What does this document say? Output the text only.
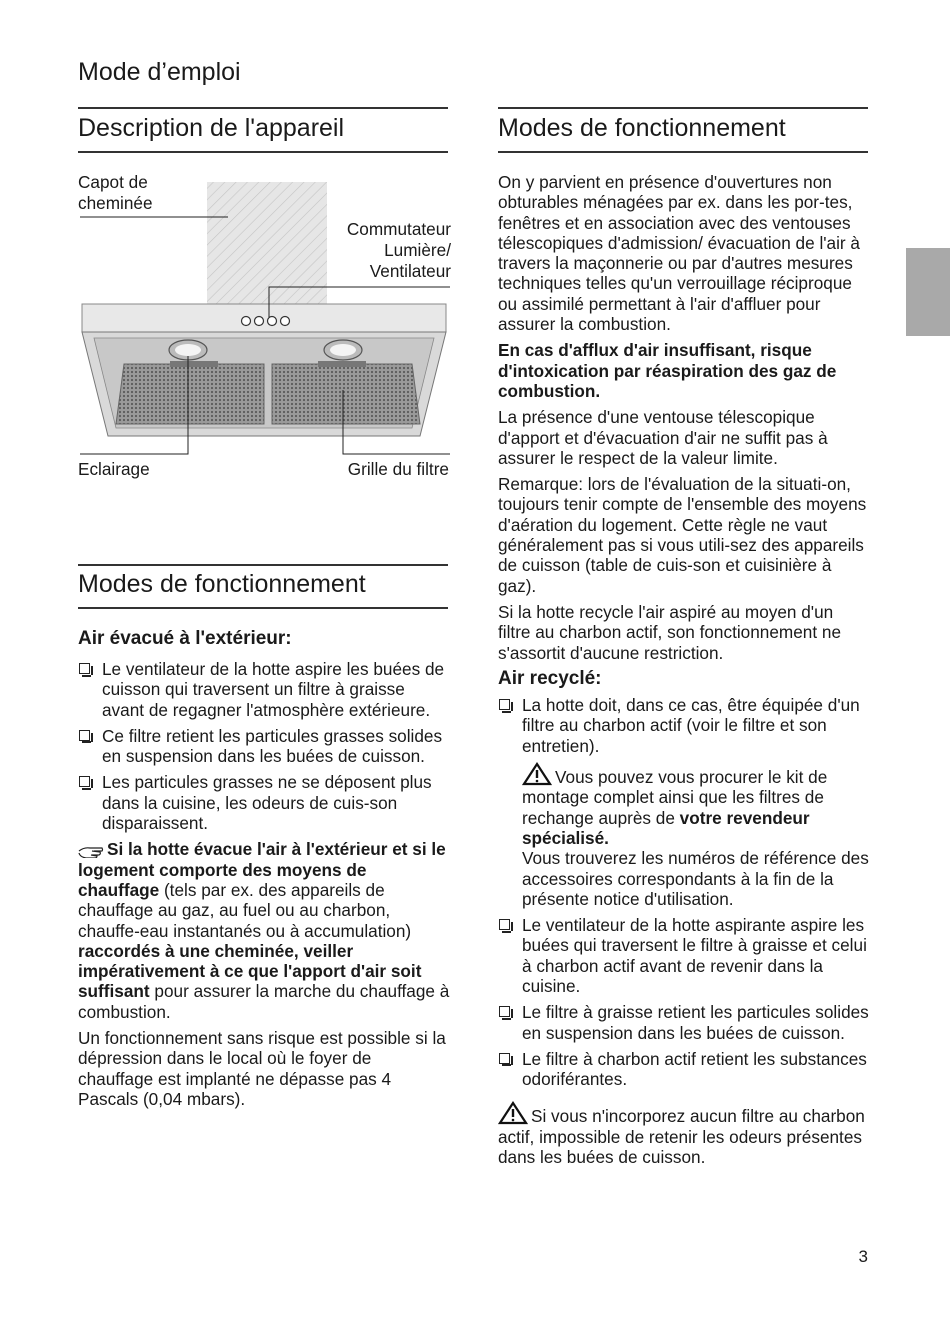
Mode d’emploi
Description de l'appareil
Capot de
cheminée
Commutateur
Lumière/
Ventilateur
Eclairage	Grille du filtre
Modes de fonctionnement
Air évacué à l'extérieur:
Le ventilateur de la hotte aspire les buées de cuisson qui traversent un filtre à graisse avant de regagner l'atmosphère extérieure.
Ce filtre retient les particules grasses solides en suspension dans les buées de cuisson.
Les particules grasses ne se déposent plus dans la cuisine, les odeurs de cuis-son disparaissent.

Si la hotte évacue l'air à l'extérieur et si le logement comporte des moyens de chauffage (tels par ex. des appareils de chauffage au gaz, au fuel ou au charbon, chauffe-eau instantanés ou à accumulation) raccordés à une cheminée, veiller impérativement à ce que l'apport d'air soit suffisant pour assurer la marche du chauffage à combustion.

Un fonctionnement sans risque est possible si la dépression dans le local où le foyer de chauffage est implanté ne dépasse pas 4 Pascals (0,04 mbars).

Modes de fonctionnement

On y parvient en présence d'ouvertures non obturables ménagées par ex. dans les por-tes, fenêtres et en association avec des ventouses télescopiques d'admission/ évacuation de l'air à travers la maçonnerie ou par d'autres mesures techniques telles qu'un verrouillage réciproque ou assimilé permettant à l'air d'affluer pour assurer la combustion.

En cas d'afflux d'air insuffisant, risque d'intoxication par réaspiration des gaz de combustion.

La présence d'une ventouse télescopique d'apport et d'évacuation d'air ne suffit pas à assurer le respect de la valeur limite.

Remarque: lors de l'évaluation de la situati-on, toujours tenir compte de l'ensemble des moyens d'aération du logement. Cette règle ne vaut généralement pas si vous utili-sez des appareils de cuisson (table de cuis-son et cuisinière à gaz).

Si la hotte recycle l'air aspiré au moyen d'un filtre au charbon actif, son fonctionnement ne s'assortit d'aucune restriction.

Air recyclé:
La hotte doit, dans ce cas, être équipée d'un filtre au charbon actif (voir le filtre et son entretien).
Vous pouvez vous procurer le kit de montage complet ainsi que les filtres de rechange auprès de votre revendeur spécialisé.
Vous trouverez les numéros de référence des accessoires correspondants à la fin de la présente notice d'utilisation.
Le ventilateur de la hotte aspirante aspire les buées qui traversent le filtre à graisse et celui à charbon actif avant de revenir dans la cuisine.
Le filtre à graisse retient les particules solides en suspension dans les buées de cuisson.
Le filtre à charbon actif retient les substances odoriférantes.

Si vous n'incorporez aucun filtre au charbon actif, impossible de retenir les odeurs présentes dans les buées de cuisson.

3
